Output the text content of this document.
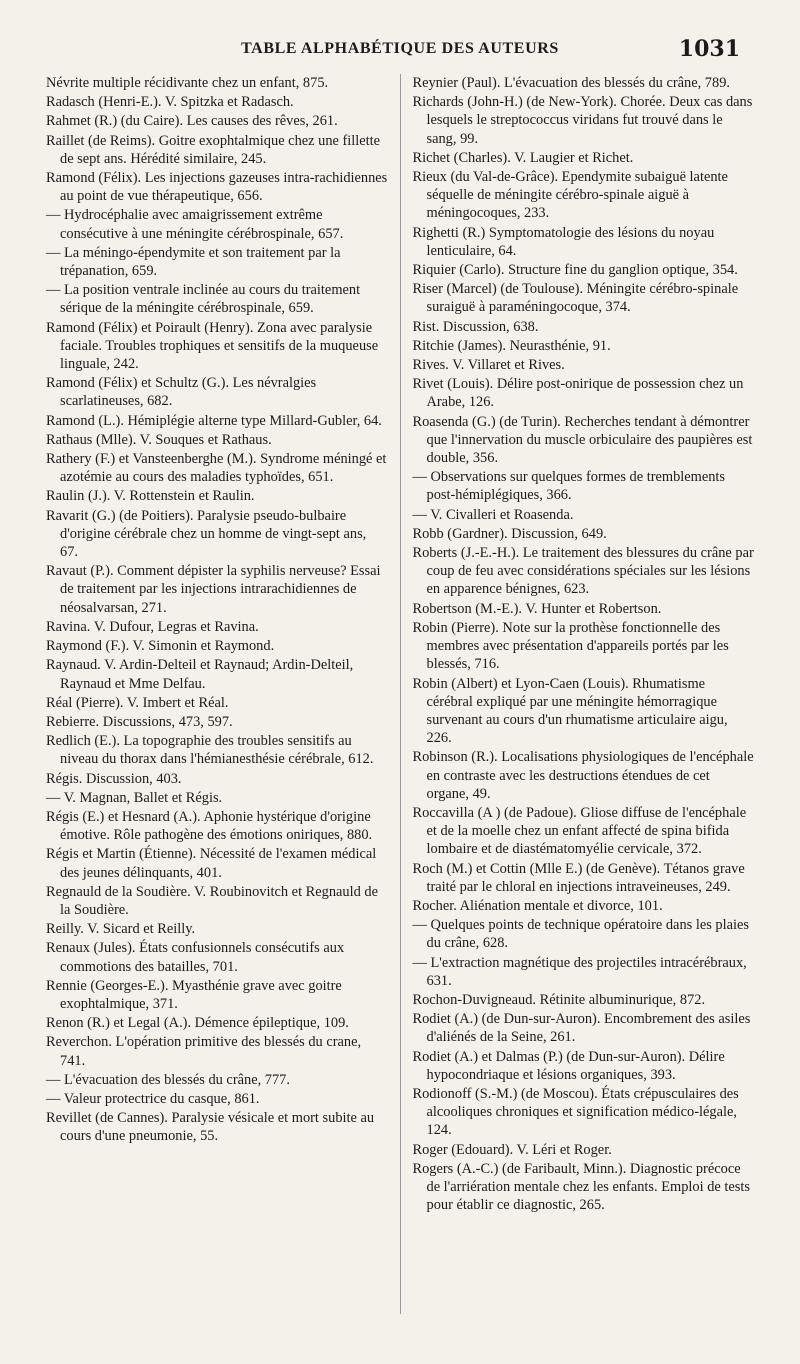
TABLE ALPHABÉTIQUE DES AUTEURS	1031

Névrite multiple récidivante chez un enfant, 875.

Radasch (Henri-E.). V. Spitzka et Radasch.

Rahmet (R.) (du Caire). Les causes des rêves, 261.

Raillet (de Reims). Goitre exophtalmique chez une fillette de sept ans. Hérédité similaire, 245.

Ramond (Félix). Les injections gazeuses intra-rachidiennes au point de vue thérapeutique, 656.

— Hydrocéphalie avec amaigrissement extrême consécutive à une méningite cérébrospinale, 657.

— La méningo-épendymite et son traitement par la trépanation, 659.

— La position ventrale inclinée au cours du traitement sérique de la méningite cérébrospinale, 659.

Ramond (Félix) et Poirault (Henry). Zona avec paralysie faciale. Troubles trophiques et sensitifs de la muqueuse linguale, 242.

Ramond (Félix) et Schultz (G.). Les névralgies scarlatineuses, 682.

Ramond (L.). Hémiplégie alterne type Millard-Gubler, 64.

Rathaus (Mlle). V. Souques et Rathaus.

Rathery (F.) et Vansteenberghe (M.). Syndrome méningé et azotémie au cours des maladies typhoïdes, 651.

Raulin (J.). V. Rottenstein et Raulin.

Ravarit (G.) (de Poitiers). Paralysie pseudo-bulbaire d'origine cérébrale chez un homme de vingt-sept ans, 67.

Ravaut (P.). Comment dépister la syphilis nerveuse? Essai de traitement par les injections intrarachidiennes de néosalvarsan, 271.

Ravina. V. Dufour, Legras et Ravina.

Raymond (F.). V. Simonin et Raymond.

Raynaud. V. Ardin-Delteil et Raynaud; Ardin-Delteil, Raynaud et Mme Delfau.

Réal (Pierre). V. Imbert et Réal.

Rebierre. Discussions, 473, 597.

Redlich (E.). La topographie des troubles sensitifs au niveau du thorax dans l'hémianesthésie cérébrale, 612.

Régis. Discussion, 403.

— V. Magnan, Ballet et Régis.

Régis (E.) et Hesnard (A.). Aphonie hystérique d'origine émotive. Rôle pathogène des émotions oniriques, 880.

Régis et Martin (Étienne). Nécessité de l'examen médical des jeunes délinquants, 401.

Regnauld de la Soudière. V. Roubinovitch et Regnauld de la Soudière.

Reilly. V. Sicard et Reilly.

Renaux (Jules). États confusionnels consécutifs aux commotions des batailles, 701.

Rennie (Georges-E.). Myasthénie grave avec goitre exophtalmique, 371.

Renon (R.) et Legal (A.). Démence épileptique, 109.

Reverchon. L'opération primitive des blessés du crane, 741.

— L'évacuation des blessés du crâne, 777.

— Valeur protectrice du casque, 861.

Revillet (de Cannes). Paralysie vésicale et mort subite au cours d'une pneumonie, 55.

Reynier (Paul). L'évacuation des blessés du crâne, 789.

Richards (John-H.) (de New-York). Chorée. Deux cas dans lesquels le streptococcus viridans fut trouvé dans le sang, 99.

Richet (Charles). V. Laugier et Richet.

Rieux (du Val-de-Grâce). Ependymite subaiguë latente séquelle de méningite cérébro-spinale aiguë à méningocoques, 233.

Righetti (R.) Symptomatologie des lésions du noyau lenticulaire, 64.

Riquier (Carlo). Structure fine du ganglion optique, 354.

Riser (Marcel) (de Toulouse). Méningite cérébro-spinale suraiguë à paraméningocoque, 374.

Rist. Discussion, 638.

Ritchie (James). Neurasthénie, 91.

Rives. V. Villaret et Rives.

Rivet (Louis). Délire post-onirique de possession chez un Arabe, 126.

Roasenda (G.) (de Turin). Recherches tendant à démontrer que l'innervation du muscle orbiculaire des paupières est double, 356.

— Observations sur quelques formes de tremblements post-hémiplégiques, 366.

— V. Civalleri et Roasenda.

Robb (Gardner). Discussion, 649.

Roberts (J.-E.-H.). Le traitement des blessures du crâne par coup de feu avec considérations spéciales sur les lésions en apparence bénignes, 623.

Robertson (M.-E.). V. Hunter et Robertson.

Robin (Pierre). Note sur la prothèse fonctionnelle des membres avec présentation d'appareils portés par les blessés, 716.

Robin (Albert) et Lyon-Caen (Louis). Rhumatisme cérébral expliqué par une méningite hémorragique survenant au cours d'un rhumatisme articulaire aigu, 226.

Robinson (R.). Localisations physiologiques de l'encéphale en contraste avec les destructions étendues de cet organe, 49.

Roccavilla (A ) (de Padoue). Gliose diffuse de l'encéphale et de la moelle chez un enfant affecté de spina bifida lombaire et de diastématomyélie cervicale, 372.

Roch (M.) et Cottin (Mlle E.) (de Genève). Tétanos grave traité par le chloral en injections intraveineuses, 249.

Rocher. Aliénation mentale et divorce, 101.

— Quelques points de technique opératoire dans les plaies du crâne, 628.

— L'extraction magnétique des projectiles intracérébraux, 631.

Rochon-Duvigneaud. Rétinite albuminurique, 872.

Rodiet (A.) (de Dun-sur-Auron). Encombrement des asiles d'aliénés de la Seine, 261.

Rodiet (A.) et Dalmas (P.) (de Dun-sur-Auron). Délire hypocondriaque et lésions organiques, 393.

Rodionoff (S.-M.) (de Moscou). États crépusculaires des alcooliques chroniques et signification médico-légale, 124.

Roger (Edouard). V. Léri et Roger.

Rogers (A.-C.) (de Faribault, Minn.). Diagnostic précoce de l'arriération mentale chez les enfants. Emploi de tests pour établir ce diagnostic, 265.
